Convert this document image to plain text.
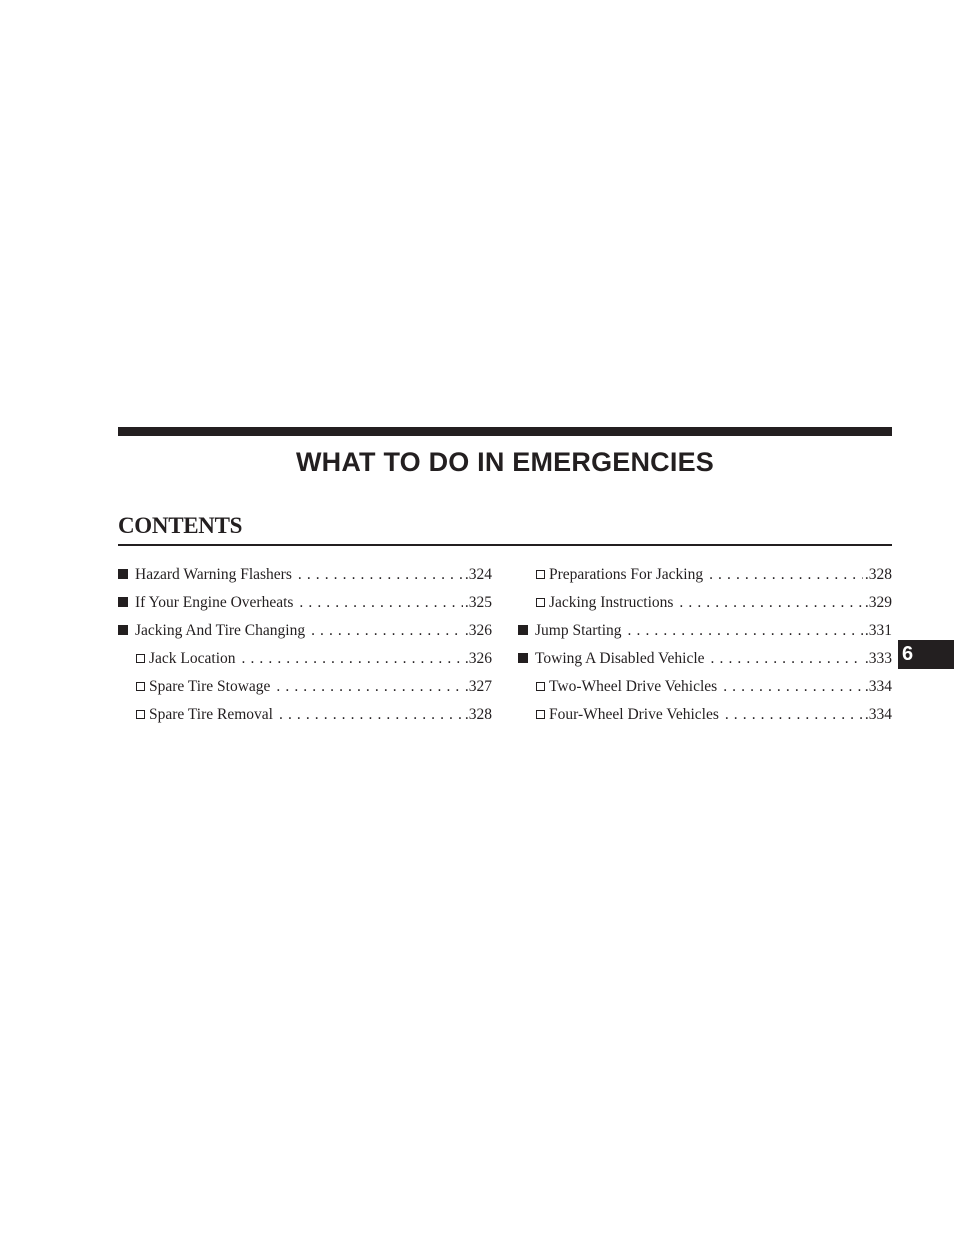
WHAT TO DO IN EMERGENCIES
CONTENTS
Hazard Warning Flashers . . .	.324
If Your Engine Overheats . . .	.325
Jacking And Tire Changing . . .	.326
Jack Location . . .	.326
Spare Tire Stowage . . .	.327
Spare Tire Removal . . .	.328
Preparations For Jacking . . .	.328
Jacking Instructions . . .	.329
Jump Starting . . .	.331
Towing A Disabled Vehicle . . .	.333
Two-Wheel Drive Vehicles . . .	.334
Four-Wheel Drive Vehicles . . .	.334
6
